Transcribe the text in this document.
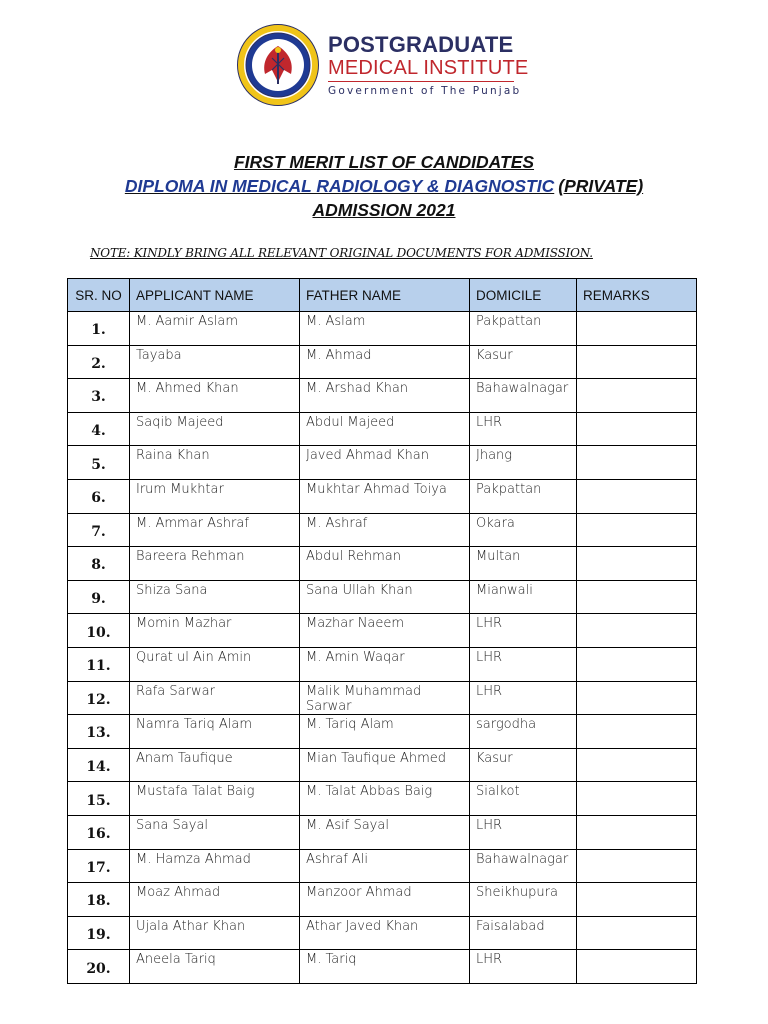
POSTGRADUATE
MEDICAL INSTITUTE
Government of The Punjab
FIRST MERIT LIST OF CANDIDATES
DIPLOMA IN MEDICAL RADIOLOGY & DIAGNOSTIC (PRIVATE)
ADMISSION 2021
NOTE: KINDLY BRING ALL RELEVANT ORIGINAL DOCUMENTS FOR ADMISSION.
SR. NO	APPLICANT NAME	FATHER NAME	DOMICILE	REMARKS
1.	M. Aamir Aslam	M. Aslam	Pakpattan	
2.	Tayaba	M. Ahmad	Kasur	
3.	M. Ahmed Khan	M. Arshad Khan	Bahawalnagar	
4.	Saqib Majeed	Abdul Majeed	LHR	
5.	Raina Khan	Javed Ahmad Khan	Jhang	
6.	Irum Mukhtar	Mukhtar Ahmad Toiya	Pakpattan	
7.	M. Ammar Ashraf	M. Ashraf	Okara	
8.	Bareera Rehman	Abdul Rehman	Multan	
9.	Shiza Sana	Sana Ullah Khan	Mianwali	
10.	Momin Mazhar	Mazhar Naeem	LHR	
11.	Qurat ul Ain Amin	M. Amin Waqar	LHR	
12.	Rafa Sarwar	Malik Muhammad Sarwar	LHR	
13.	Namra Tariq Alam	M. Tariq Alam	sargodha	
14.	Anam Taufique	Mian Taufique Ahmed	Kasur	
15.	Mustafa Talat Baig	M. Talat Abbas Baig	Sialkot	
16.	Sana Sayal	M. Asif Sayal	LHR	
17.	M. Hamza Ahmad	Ashraf Ali	Bahawalnagar	
18.	Moaz Ahmad	Manzoor Ahmad	Sheikhupura	
19.	Ujala Athar Khan	Athar Javed Khan	Faisalabad	
20.	Aneela Tariq	M. Tariq	LHR	
